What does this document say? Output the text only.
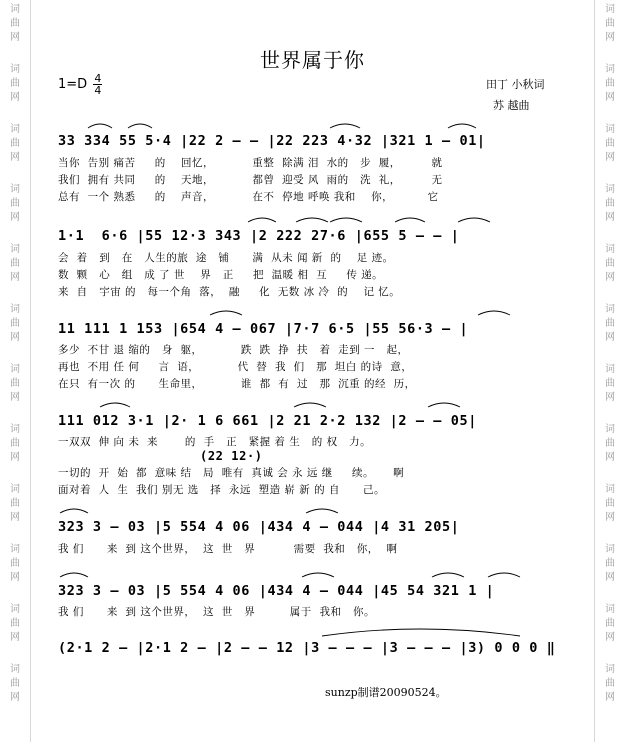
词
曲
网
词
曲
网
词
曲
网
词
曲
网
词
曲
网
词
曲
网
词
曲
网
词
曲
网
词
曲
网
词
曲
网
词
曲
网
词
曲
网
词
曲
网
词
曲
网
词
曲
网
词
曲
网
词
曲
网
词
曲
网
词
曲
网
词
曲
网
词
曲
网
词
曲
网
词
曲
网
词
曲
网
世界属于你
$1=D \frac{4}{4}$	田丁 小秋词
苏 越曲
33 334 55 5·4 |22 2 — — |22 223 4·32 |321 1 — 01|
当你  告别 痛苦     的    回忆，          重整  除满 泪  水的   步  履，        就
我们  拥有 共同     的    天地，          都曾  迎受 风  雨的   洗  礼，        无
总有  一个 熟悉     的    声音，          在不  停地 呼唤 我和    你，         它
1·1  6·6 |55 12·3 343 |2 222 27·6 |655 5 — — |
会  着   到   在   人生的旅  途   铺      满  从未 闻 新  的    足 迹。
数  颗   心   组   成 了 世    界   正     把  温暖 相  互     传 递。
来  自   宇宙 的   每一个角  落，  融     化  无数 冰 冷  的    记 忆。
11 111 1 153 |654 4 — 067 |7·7 6·5 |55 56·3 — |
多少  不甘 退 缩的   身  躯，          跌  跌  挣  扶   着  走到 一   起，
再也  不用 任 何     言  语，          代  替  我  们   那  坦白 的诗  意，
在只  有一次 的      生命里，          谁  都  有  过   那  沉重 的经  历，
111 012 3·1 |2· 1 6 661 |2 21 2·2 132 |2 — — 05|
一双双  伸 向 未  来       的  手   正   紧握 着 生   的 权   力。
(22 12·)
一切的  开  始  都  意味 结   局  唯有  真诚 会 永 远 继     续。     啊
面对着  人  生  我们 别无 选   择  永远  塑造 崭 新 的 自      己。
323 3 — 03 |5 554 4 06 |434 4 — 044 |4 31 205|
我 们      来  到 这个世界，  这  世   界          需要  我和   你，  啊
323 3 — 03 |5 554 4 06 |434 4 — 044 |45 54 321 1 |
我 们      来  到 这个世界，  这  世   界         属于  我和   你。
(2·1 2 — |2·1 2 — |2 — — 12 |3 — — — |3 — — — |3) 0 0 0 ‖
sunzp制谱20090524。
